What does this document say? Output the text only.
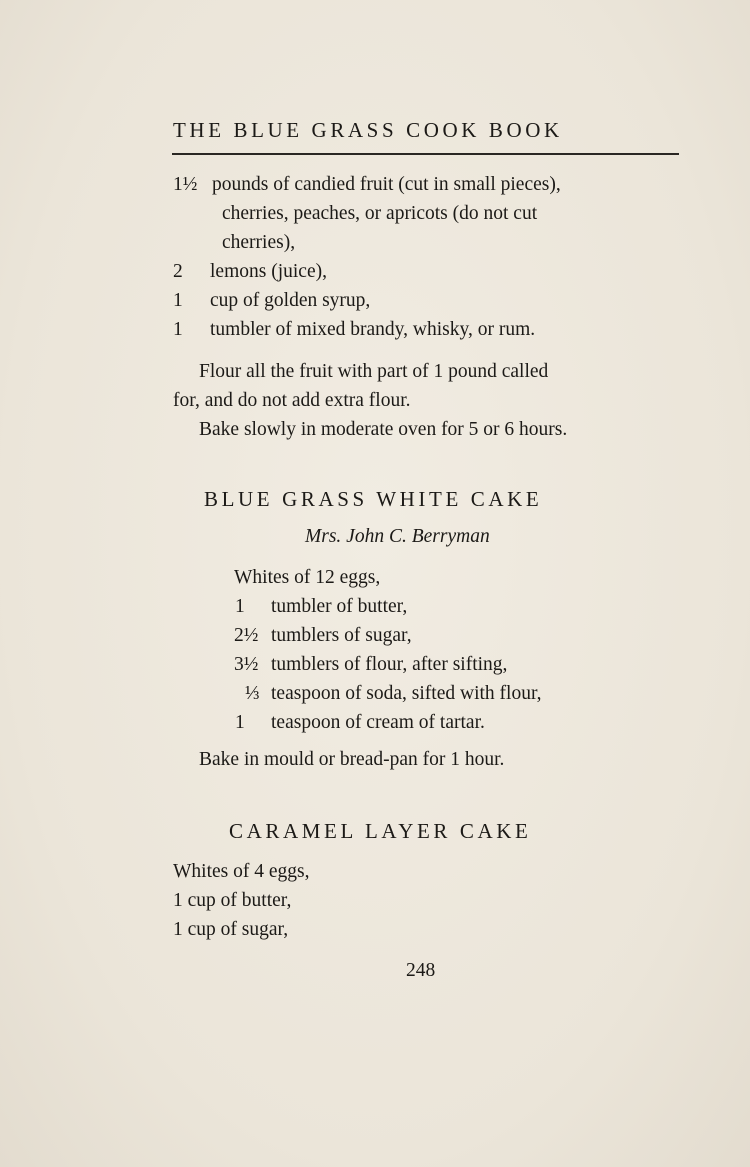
THE BLUE GRASS COOK BOOK
1½ pounds of candied fruit (cut in small pieces),
cherries, peaches, or apricots (do not cut
cherries),
2 lemons (juice),
1 cup of golden syrup,
1 tumbler of mixed brandy, whisky, or rum.
Flour all the fruit with part of 1 pound called
for, and do not add extra flour.
Bake slowly in moderate oven for 5 or 6 hours.
BLUE GRASS WHITE CAKE
Mrs. John C. Berryman
Whites of 12 eggs,
1 tumbler of butter,
2½ tumblers of sugar,
3½ tumblers of flour, after sifting,
⅓ teaspoon of soda, sifted with flour,
1 teaspoon of cream of tartar.
Bake in mould or bread-pan for 1 hour.
CARAMEL LAYER CAKE
Whites of 4 eggs,
1 cup of butter,
1 cup of sugar,
248
